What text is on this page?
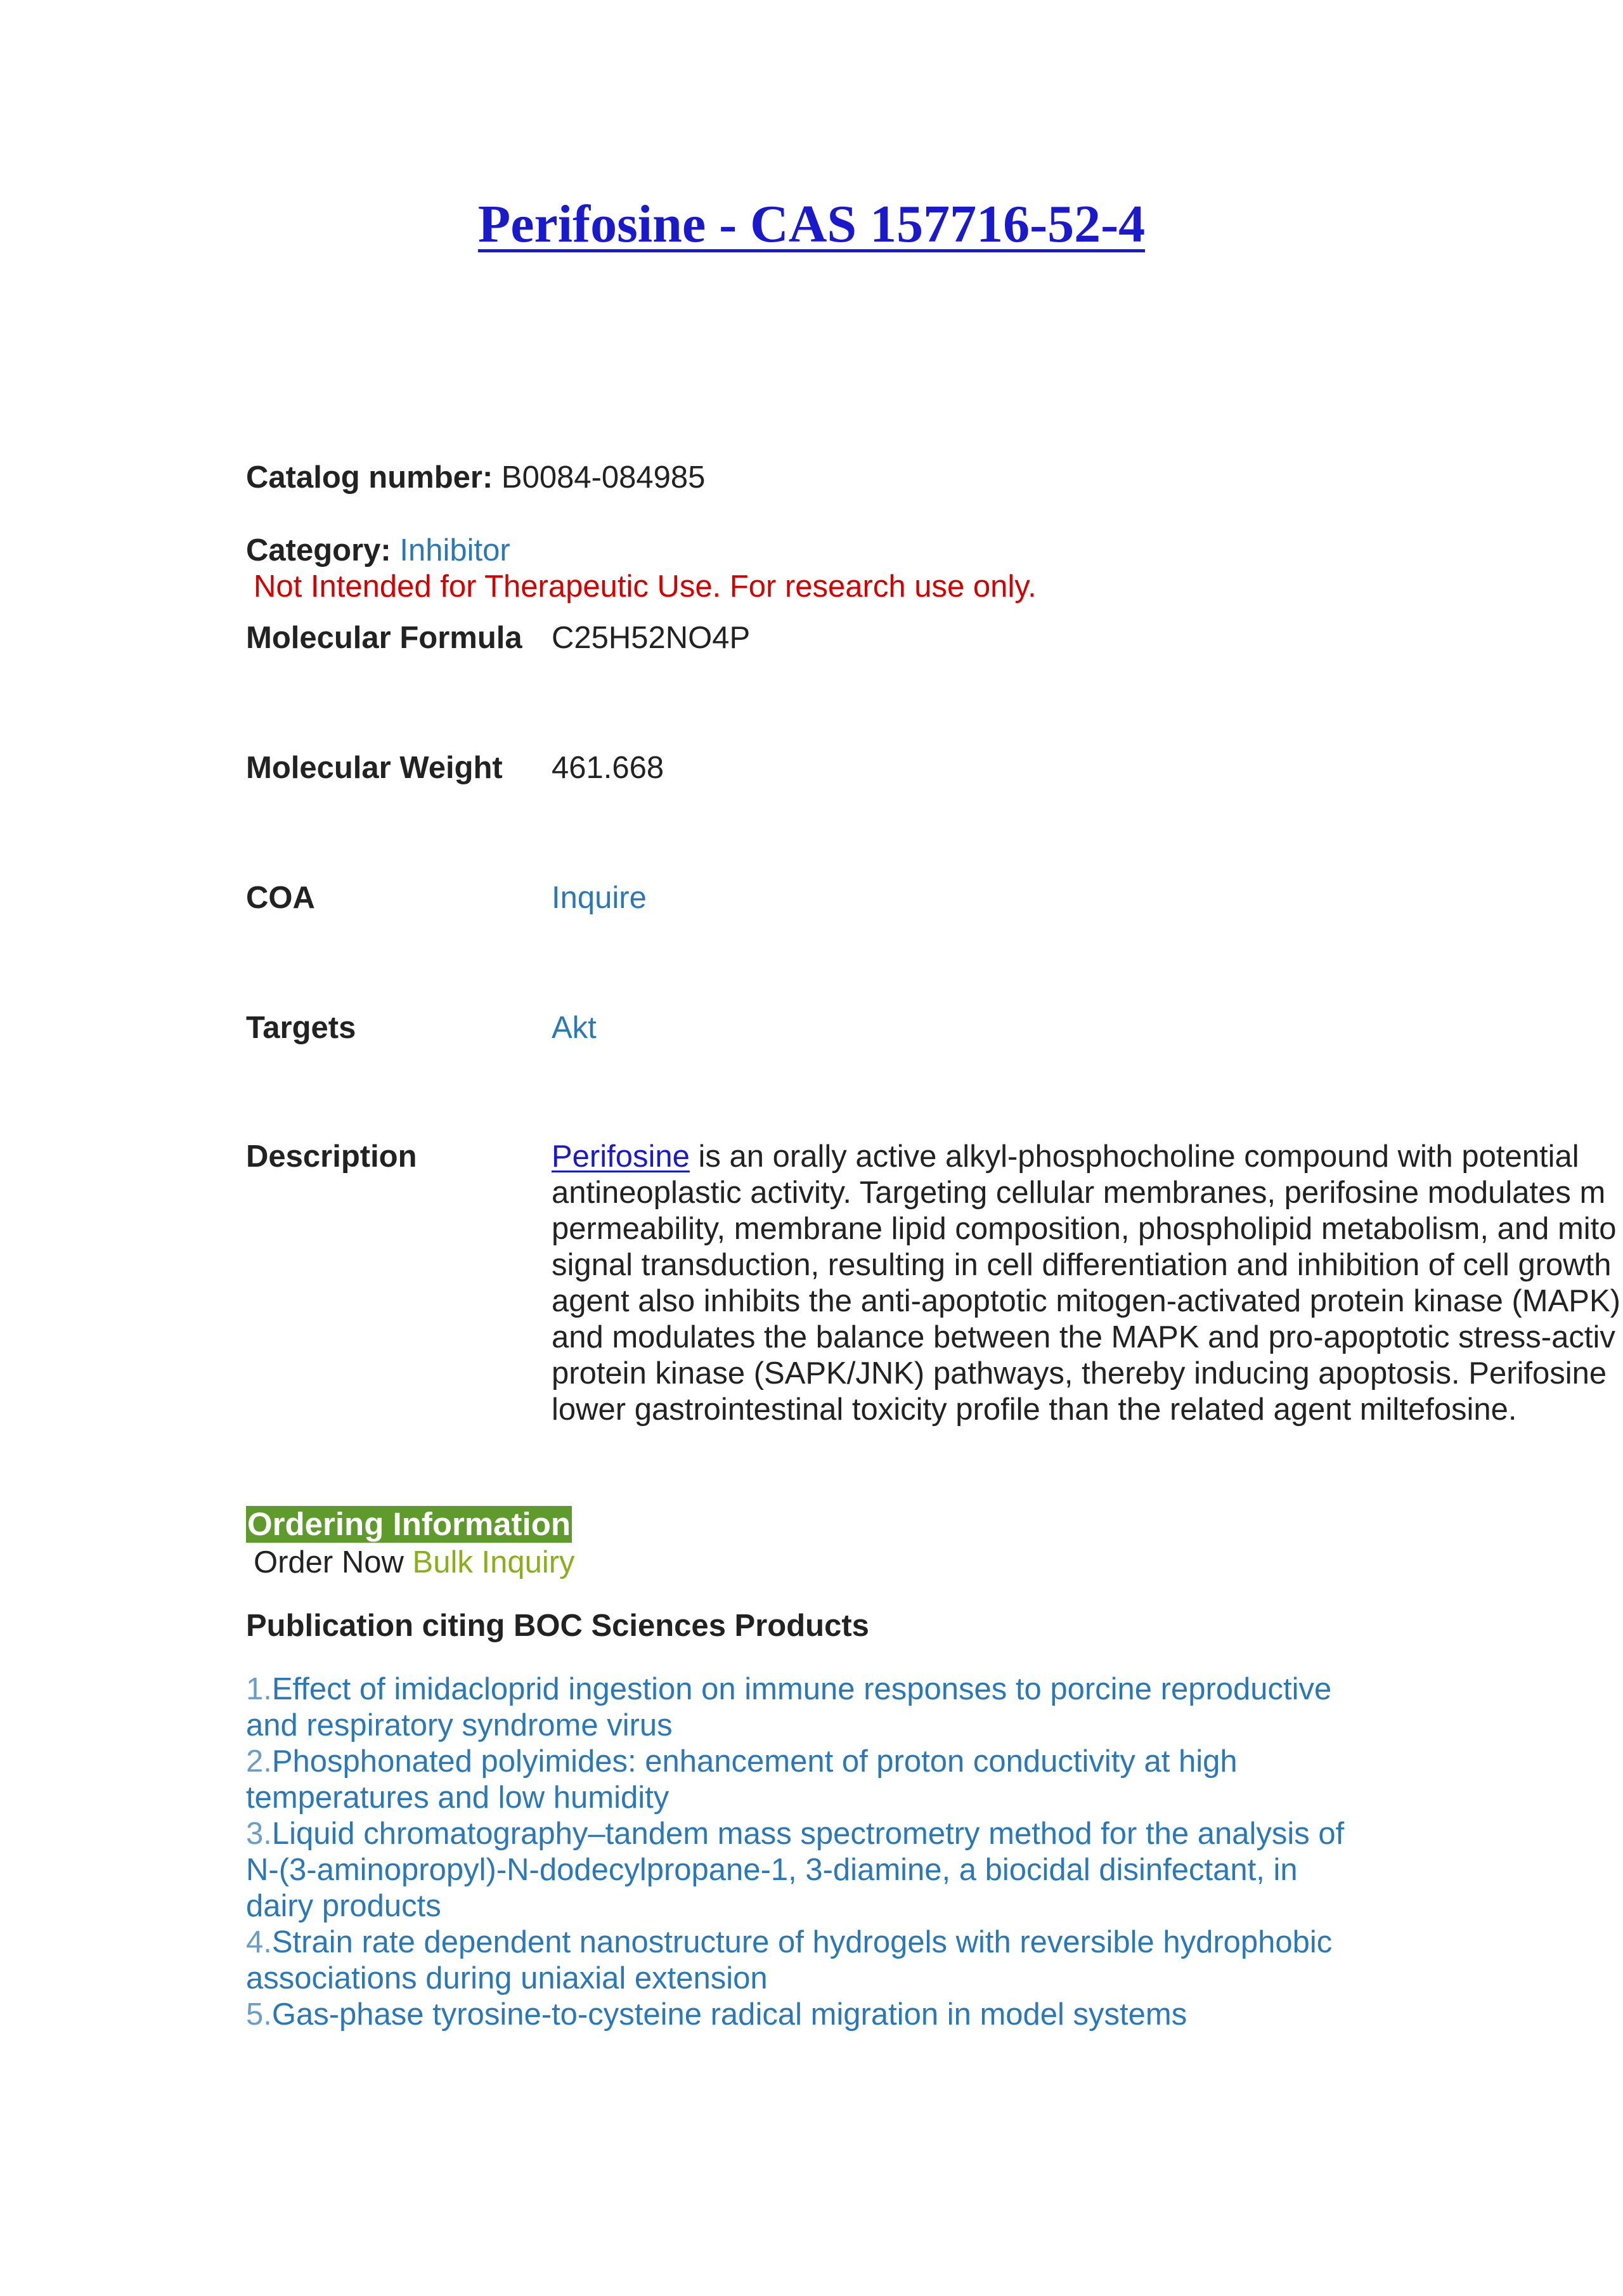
Perifosine - CAS 157716-52-4
Catalog number: B0084-084985
Category: Inhibitor
Not Intended for Therapeutic Use. For research use only.
Molecular Formula C25H52NO4P
Molecular Weight 461.668
COA	Inquire
Targets	Akt
Description	Perifosine is an orally active alkyl-phosphocholine compound with potential
antineoplastic activity. Targeting cellular membranes, perifosine modulates m
permeability, membrane lipid composition, phospholipid metabolism, and mito
signal transduction, resulting in cell differentiation and inhibition of cell growth
agent also inhibits the anti-apoptotic mitogen-activated protein kinase (MAPK)
and modulates the balance between the MAPK and pro-apoptotic stress-activ
protein kinase (SAPK/JNK) pathways, thereby inducing apoptosis. Perifosine
lower gastrointestinal toxicity profile than the related agent miltefosine.
Ordering Information
Order Now Bulk Inquiry
Publication citing BOC Sciences Products
1.Effect of imidacloprid ingestion on immune responses to porcine reproductive
and respiratory syndrome virus
2.Phosphonated polyimides: enhancement of proton conductivity at high
temperatures and low humidity
3.Liquid chromatography–tandem mass spectrometry method for the analysis of
N-(3-aminopropyl)-N-dodecylpropane-1, 3-diamine, a biocidal disinfectant, in
dairy products
4.Strain rate dependent nanostructure of hydrogels with reversible hydrophobic
associations during uniaxial extension
5.Gas-phase tyrosine-to-cysteine radical migration in model systems
